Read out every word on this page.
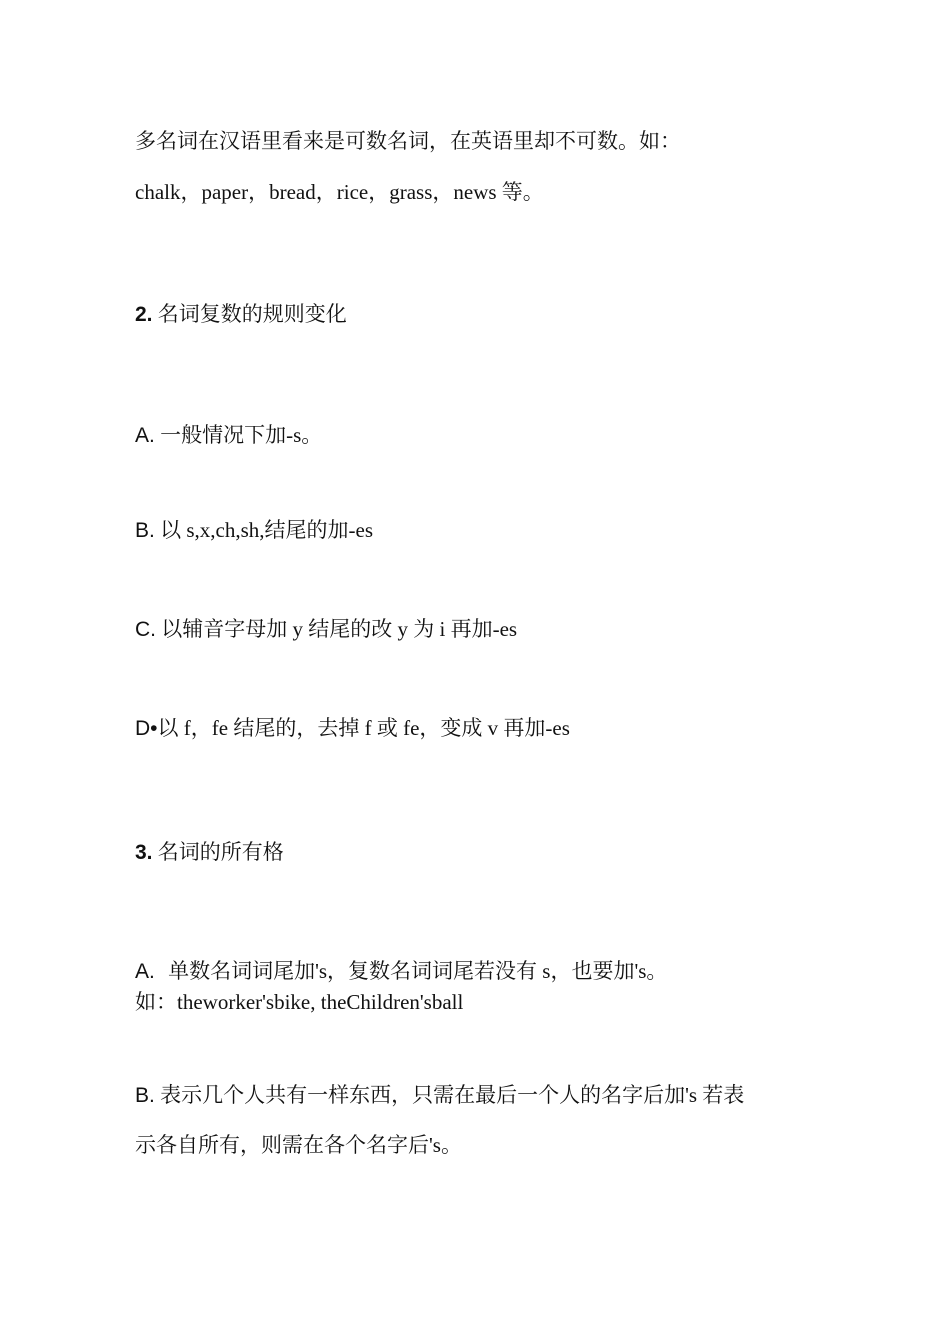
多名词在汉语里看来是可数名词，在英语里却不可数。如：
chalk，paper，bread，rice，grass，news 等。
2. 名词复数的规则变化
A. 一般情况下加-s。
B. 以 s,x,ch,sh,结尾的加-es
C. 以辅音字母加 y 结尾的改 y 为 i 再加-es
D•以 f，fe 结尾的，去掉 f 或 fe，变成 v 再加-es
3. 名词的所有格
A. 单数名词词尾加's，复数名词词尾若没有 s，也要加's。
如：theworker'sbike, theChildren'sball
B. 表示几个人共有一样东西，只需在最后一个人的名字后加's 若表
示各自所有，则需在各个名字后's。
